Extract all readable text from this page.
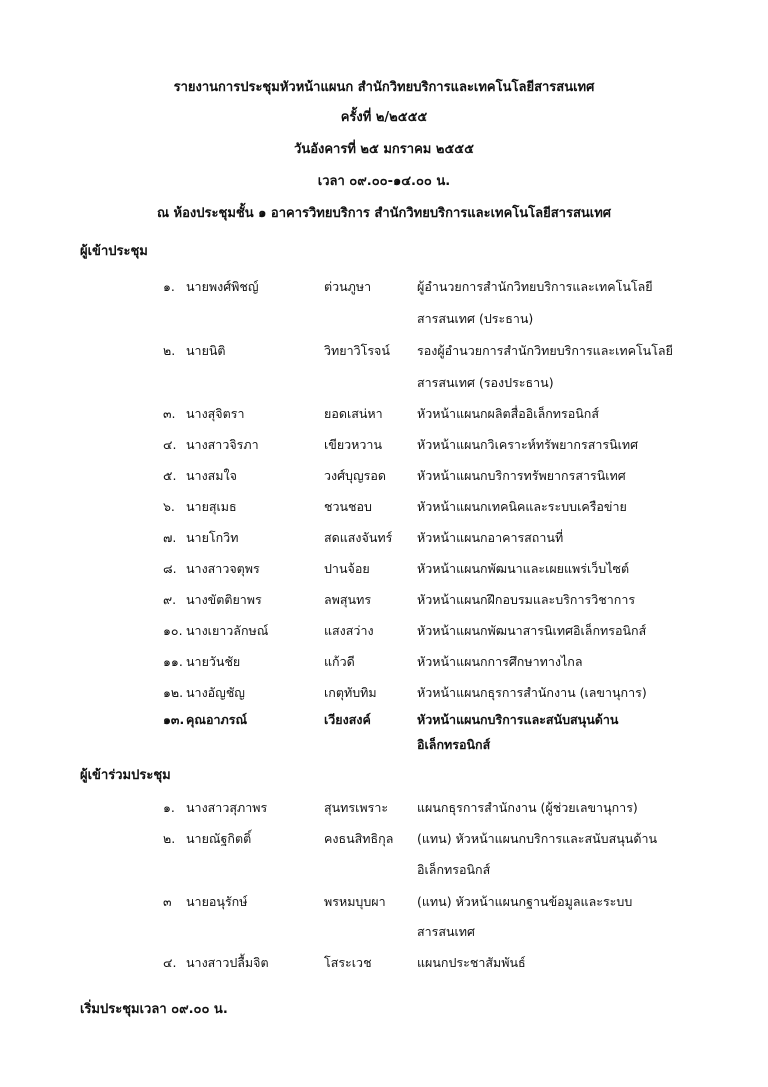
รายงานการประชุมหัวหน้าแผนก สำนักวิทยบริการและเทคโนโลยีสารสนเทศ
ครั้งที่ ๒/๒๕๕๕
วันอังคารที่ ๒๕ มกราคม ๒๕๕๕
เวลา ๐๙.๐๐-๑๔.๐๐ น.
ณ ห้องประชุมชั้น ๑ อาคารวิทยบริการ สำนักวิทยบริการและเทคโนโลยีสารสนเทศ
ผู้เข้าประชุม
๑. นายพงศ์พิชญ์	ต่วนภูษา	ผู้อำนวยการสำนักวิทยบริการและเทคโนโลยี
สารสนเทศ (ประธาน)
๒. นายนิติ	วิทยาวิโรจน์ รองผู้อำนวยการสำนักวิทยบริการและเทคโนโลยี
สารสนเทศ (รองประธาน)
๓. นางสุจิตรา	ยอดเสน่หา	หัวหน้าแผนกผลิตสื่ออิเล็กทรอนิกส์
๔. นางสาวจิรภา	เขียวหวาน	หัวหน้าแผนกวิเคราะห์ทรัพยากรสารนิเทศ
๕. นางสมใจ	วงศ์บุญรอด หัวหน้าแผนกบริการทรัพยากรสารนิเทศ
๖. นายสุเมธ	ชวนชอบ	หัวหน้าแผนกเทคนิคและระบบเครือข่าย
๗. นายโกวิท	สดแสงจันทร์ หัวหน้าแผนกอาคารสถานที่
๘. นางสาวจตุพร	ปานจ้อย	หัวหน้าแผนกพัฒนาและเผยแพร่เว็บไซต์
๙. นางขัตติยาพร	ลพสุนทร	หัวหน้าแผนกฝึกอบรมและบริการวิชาการ
๑๐. นางเยาวลักษณ์	แสงสว่าง	หัวหน้าแผนกพัฒนาสารนิเทศอิเล็กทรอนิกส์
๑๑. นายวันชัย	แก้วดี	หัวหน้าแผนกการศึกษาทางไกล
๑๒. นางอัญชัญ	เกตุทับทิม	หัวหน้าแผนกธุรการสำนักงาน (เลขานุการ)
๑๓. คุณอาภรณ์	เวียงสงค์	หัวหน้าแผนกบริการและสนับสนุนด้าน
อิเล็กทรอนิกส์
ผู้เข้าร่วมประชุม
๑. นางสาวสุภาพร	สุนทรเพราะ แผนกธุรการสำนักงาน (ผู้ช่วยเลขานุการ)
๒. นายณัฐกิตติ์	คงธนสิทธิกุล (แทน) หัวหน้าแผนกบริการและสนับสนุนด้าน
อิเล็กทรอนิกส์
๓ นายอนุรักษ์	พรหมบุบผา	(แทน) หัวหน้าแผนกฐานข้อมูลและระบบ
สารสนเทศ
๔. นางสาวปลื้มจิต	โสระเวช	แผนกประชาสัมพันธ์
เริ่มประชุมเวลา ๐๙.๐๐ น.
